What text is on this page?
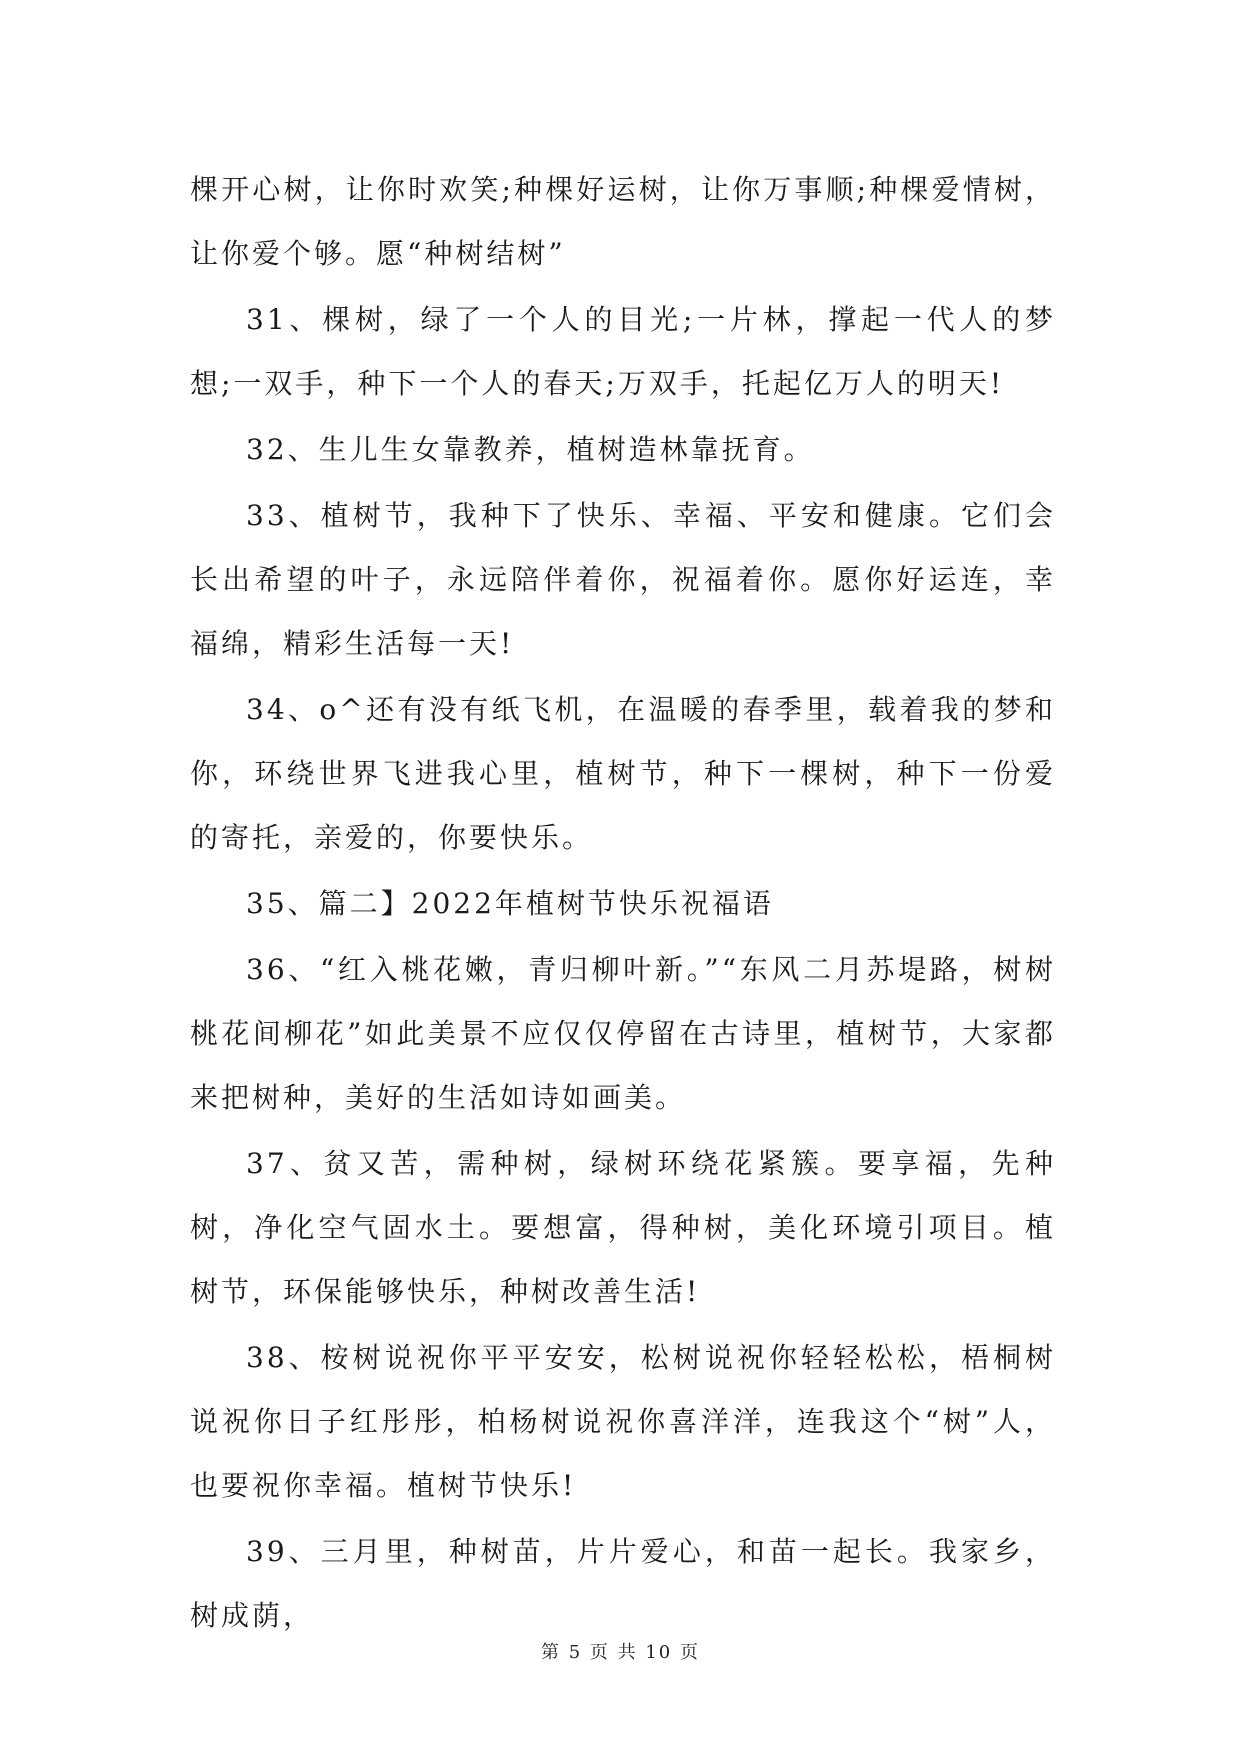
棵开心树，让你时欢笑;种棵好运树，让你万事顺;种棵爱情树，让你爱个够。愿“种树结树”

31、棵树，绿了一个人的目光;一片林，撑起一代人的梦想;一双手，种下一个人的春天;万双手，托起亿万人的明天!

32、生儿生女靠教养，植树造林靠抚育。

33、植树节，我种下了快乐、幸福、平安和健康。它们会长出希望的叶子，永远陪伴着你，祝福着你。愿你好运连，幸福绵，精彩生活每一天!

34、o^还有没有纸飞机，在温暖的春季里，载着我的梦和你，环绕世界飞进我心里，植树节，种下一棵树，种下一份爱的寄托，亲爱的，你要快乐。

35、篇二】2022年植树节快乐祝福语

36、“红入桃花嫩，青归柳叶新。”“东风二月苏堤路，树树桃花间柳花”如此美景不应仅仅停留在古诗里，植树节，大家都来把树种，美好的生活如诗如画美。

37、贫又苦，需种树，绿树环绕花紧簇。要享福，先种树，净化空气固水土。要想富，得种树，美化环境引项目。植树节，环保能够快乐，种树改善生活!

38、桉树说祝你平平安安，松树说祝你轻轻松松，梧桐树说祝你日子红彤彤，柏杨树说祝你喜洋洋，连我这个“树”人，也要祝你幸福。植树节快乐!

39、三月里，种树苗，片片爱心，和苗一起长。我家乡，树成荫，

第 5 页 共 10 页
